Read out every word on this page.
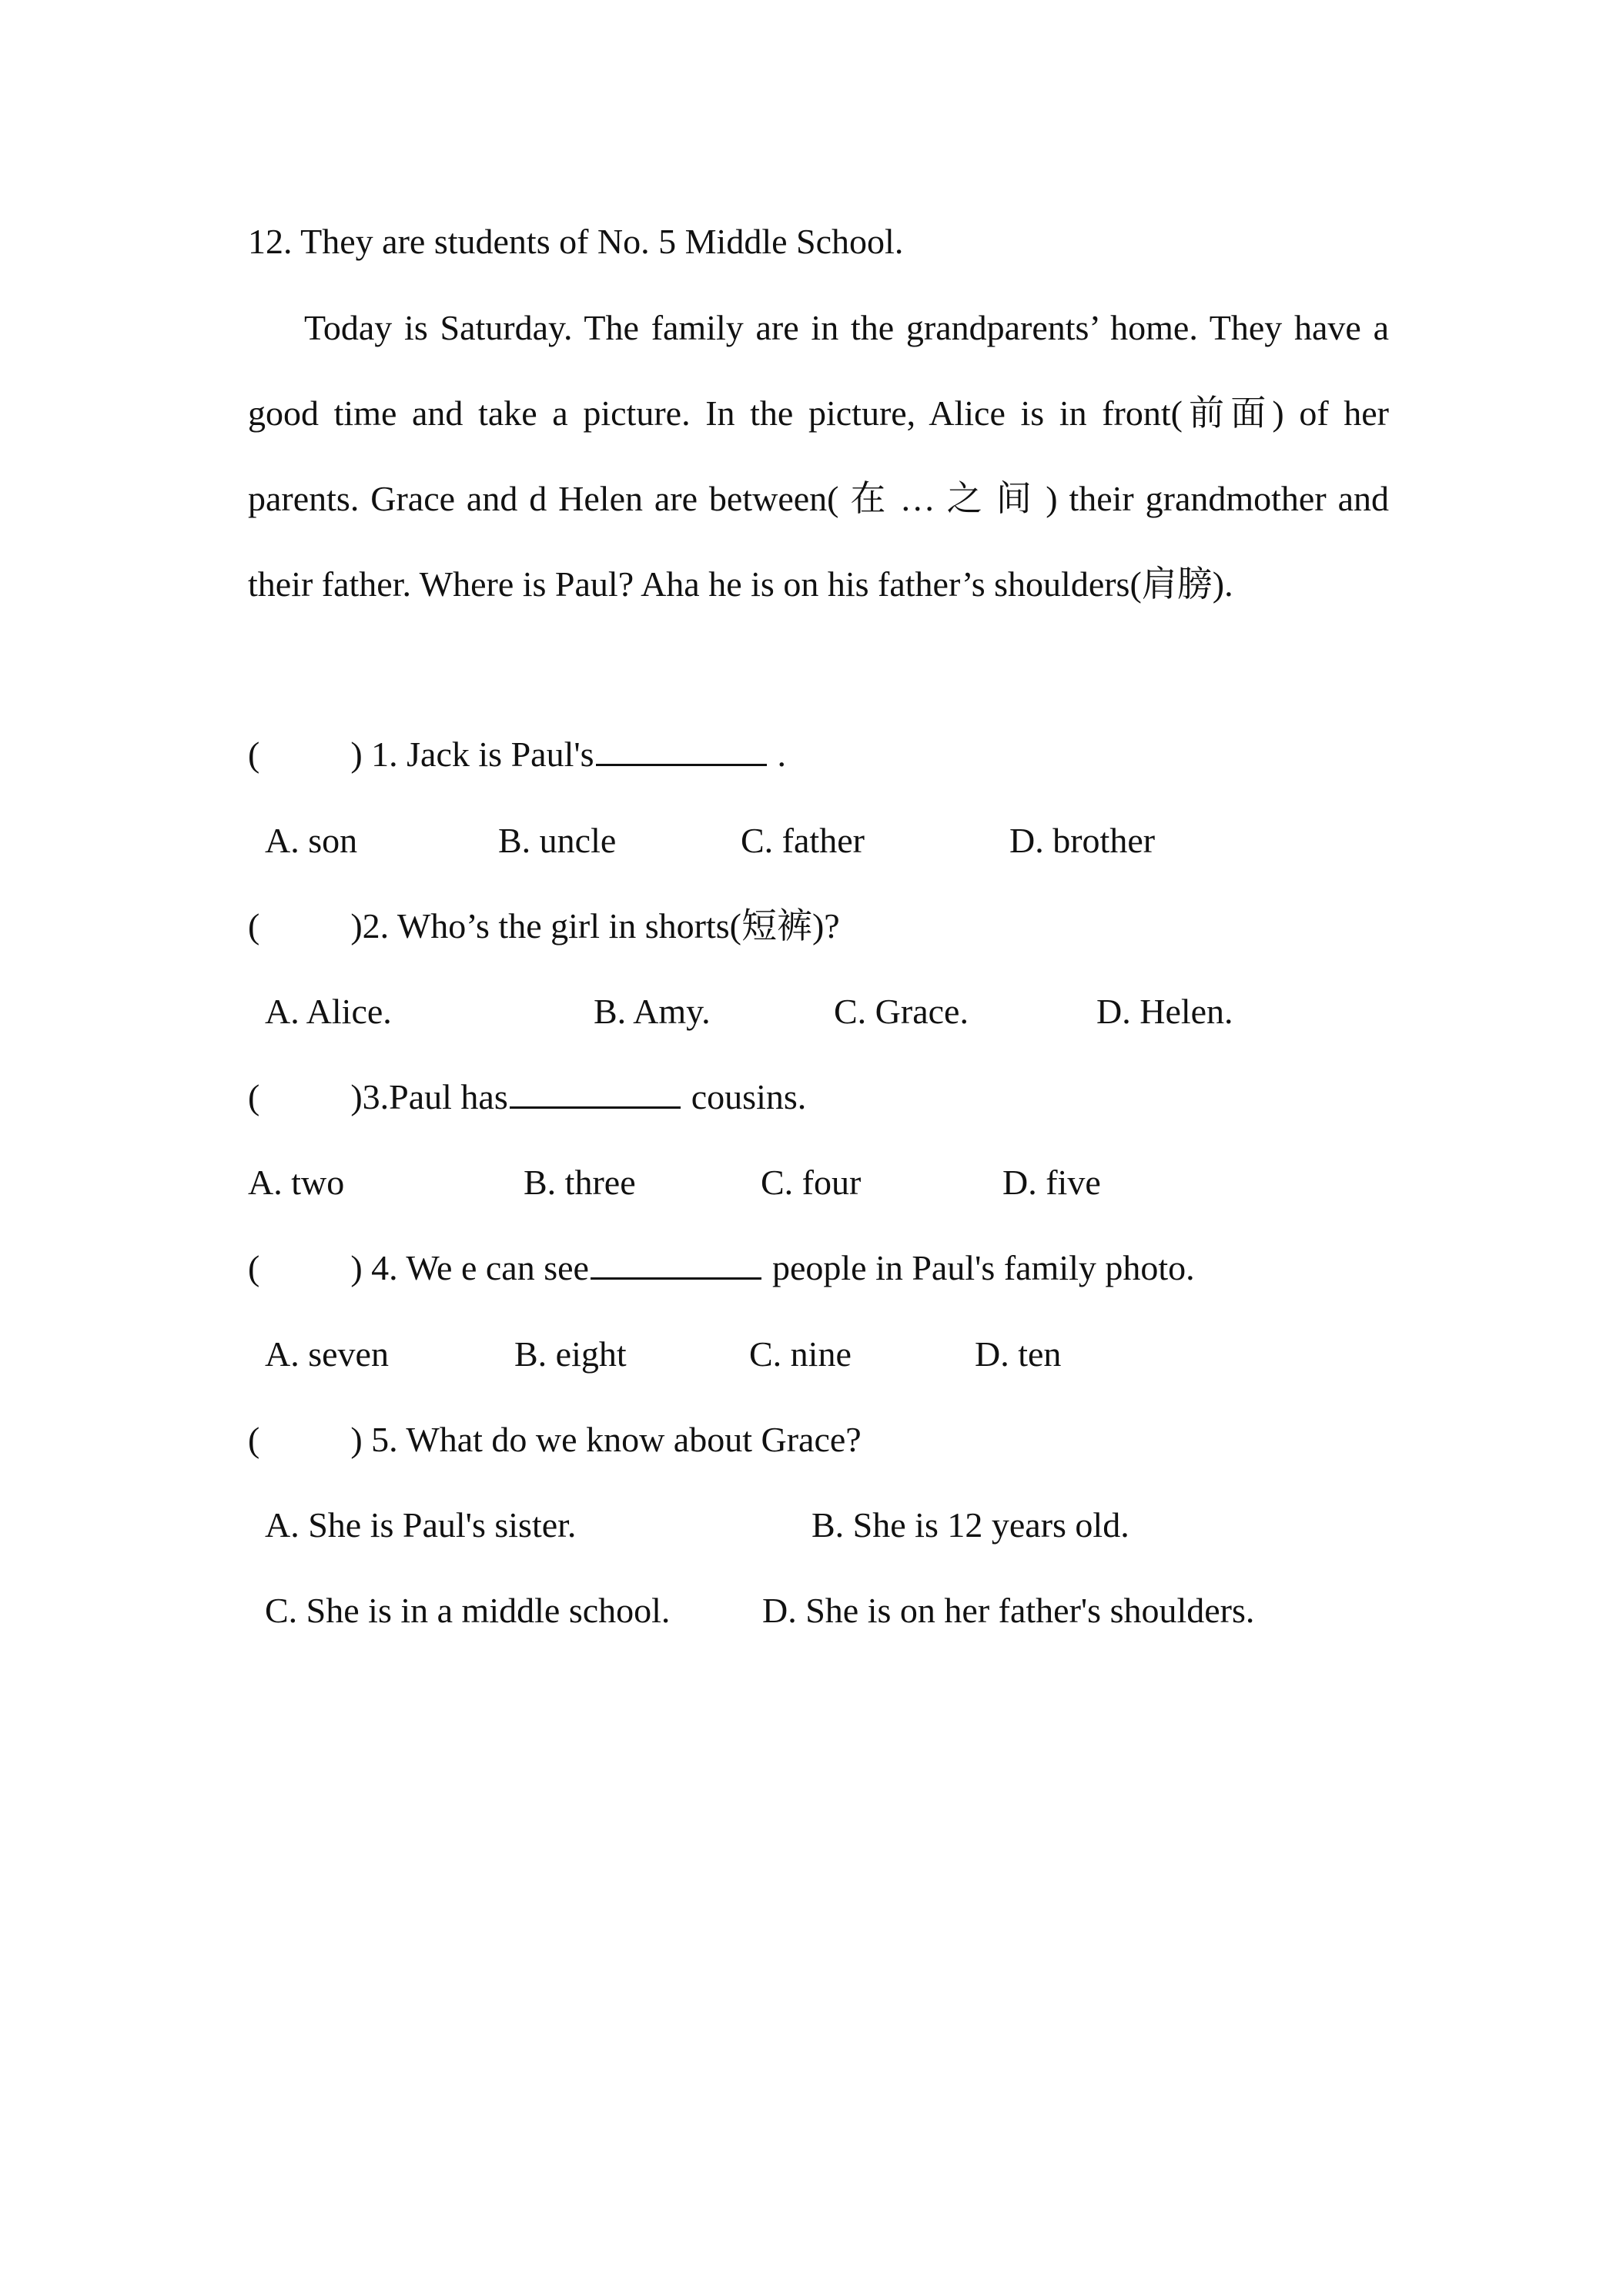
12. They are students of No. 5 Middle School.
Today is Saturday. The family are in the grandparents’ home. They have a good time and take a picture. In the picture, Alice is in front(前面) of her parents. Grace and d Helen are between( 在 … 之 间 ) their grandmother and their father. Where is Paul? Aha he is on his father’s shoulders(肩膀).
(	) 1. Jack is Paul's	.
A. son	B. uncle	C. father	D. brother
(	)2. Who’s the girl in shorts(短裤)?
A. Alice.	B. Amy.	C. Grace.	D. Helen.
(	)3.Paul has	cousins.
A. two	B. three	C. four	D. five
(	) 4. We e can see	people in Paul's family photo.
A. seven	B. eight	C. nine	D. ten
(	) 5. What do we know about Grace?
A. She is Paul's sister.	B. She is 12 years old.
C. She is in a middle school.	D. She is on her father's shoulders.
